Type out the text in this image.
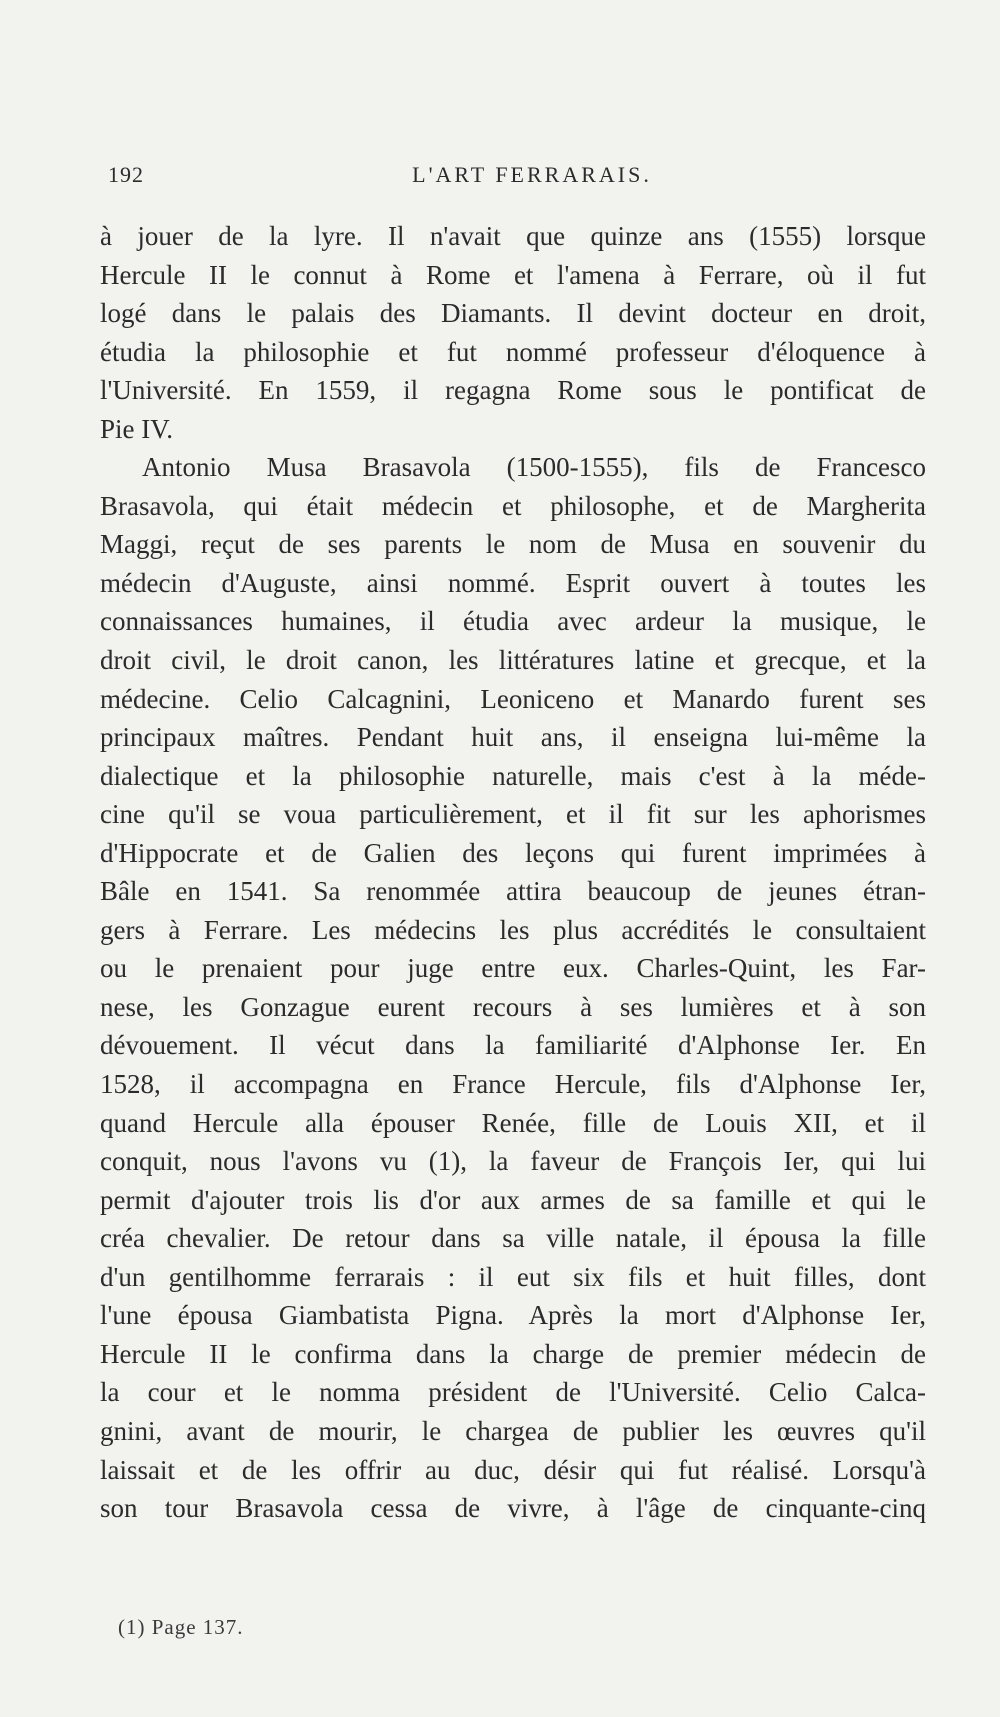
192	L'ART FERRARAIS.
à jouer de la lyre. Il n'avait que quinze ans (1555) lorsque
Hercule II le connut à Rome et l'amena à Ferrare, où il fut
logé dans le palais des Diamants. Il devint docteur en droit,
étudia la philosophie et fut nommé professeur d'éloquence à
l'Université. En 1559, il regagna Rome sous le pontificat de
Pie IV.
Antonio Musa Brasavola (1500-1555), fils de Francesco
Brasavola, qui était médecin et philosophe, et de Margherita
Maggi, reçut de ses parents le nom de Musa en souvenir du
médecin d'Auguste, ainsi nommé. Esprit ouvert à toutes les
connaissances humaines, il étudia avec ardeur la musique, le
droit civil, le droit canon, les littératures latine et grecque, et la
médecine. Celio Calcagnini, Leoniceno et Manardo furent ses
principaux maîtres. Pendant huit ans, il enseigna lui-même la
dialectique et la philosophie naturelle, mais c'est à la méde-
cine qu'il se voua particulièrement, et il fit sur les aphorismes
d'Hippocrate et de Galien des leçons qui furent imprimées à
Bâle en 1541. Sa renommée attira beaucoup de jeunes étran-
gers à Ferrare. Les médecins les plus accrédités le consultaient
ou le prenaient pour juge entre eux. Charles-Quint, les Far-
nese, les Gonzague eurent recours à ses lumières et à son
dévouement. Il vécut dans la familiarité d'Alphonse Ier. En
1528, il accompagna en France Hercule, fils d'Alphonse Ier,
quand Hercule alla épouser Renée, fille de Louis XII, et il
conquit, nous l'avons vu (1), la faveur de François Ier, qui lui
permit d'ajouter trois lis d'or aux armes de sa famille et qui le
créa chevalier. De retour dans sa ville natale, il épousa la fille
d'un gentilhomme ferrarais : il eut six fils et huit filles, dont
l'une épousa Giambatista Pigna. Après la mort d'Alphonse Ier,
Hercule II le confirma dans la charge de premier médecin de
la cour et le nomma président de l'Université. Celio Calca-
gnini, avant de mourir, le chargea de publier les œuvres qu'il
laissait et de les offrir au duc, désir qui fut réalisé. Lorsqu'à
son tour Brasavola cessa de vivre, à l'âge de cinquante-cinq
(1) Page 137.
